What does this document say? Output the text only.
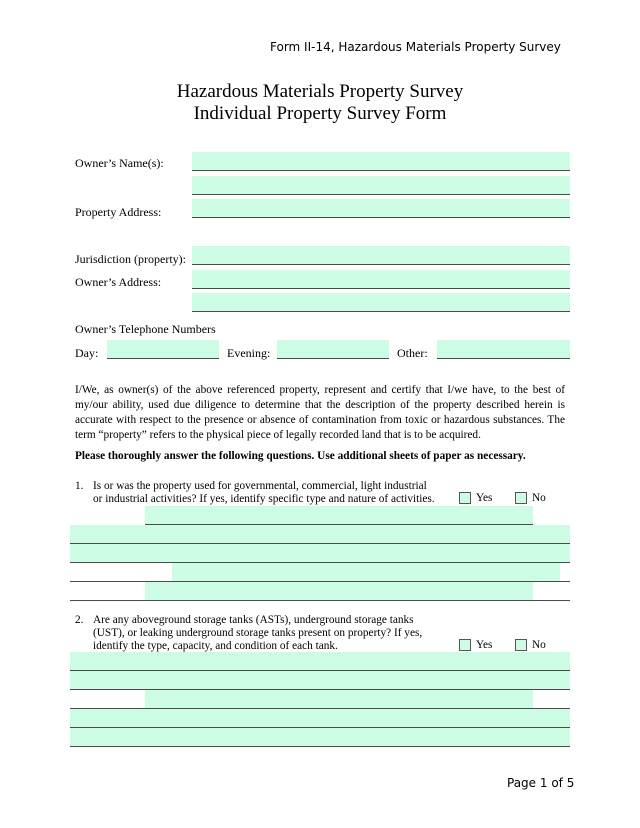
Form II-14, Hazardous Materials Property Survey
Hazardous Materials Property Survey
Individual Property Survey Form
Owner’s Name(s):
Property Address:
Jurisdiction (property):
Owner’s Address:
Owner’s Telephone Numbers
Day:	Evening:	Other:
I/We, as owner(s) of the above referenced property, represent and certify that I/we have, to the best of my/our ability, used due diligence to determine that the description of the property described herein is accurate with respect to the presence or absence of contamination from toxic or hazardous substances. The term “property” refers to the physical piece of legally recorded land that is to be acquired.
Please thoroughly answer the following questions. Use additional sheets of paper as necessary.
1. Is or was the property used for governmental, commercial, light industrial
or industrial activities? If yes, identify specific type and nature of activities.	Yes	No
2. Are any aboveground storage tanks (ASTs), underground storage tanks
(UST), or leaking underground storage tanks present on property? If yes,
identify the type, capacity, and condition of each tank.	Yes	No
Page 1 of 5
